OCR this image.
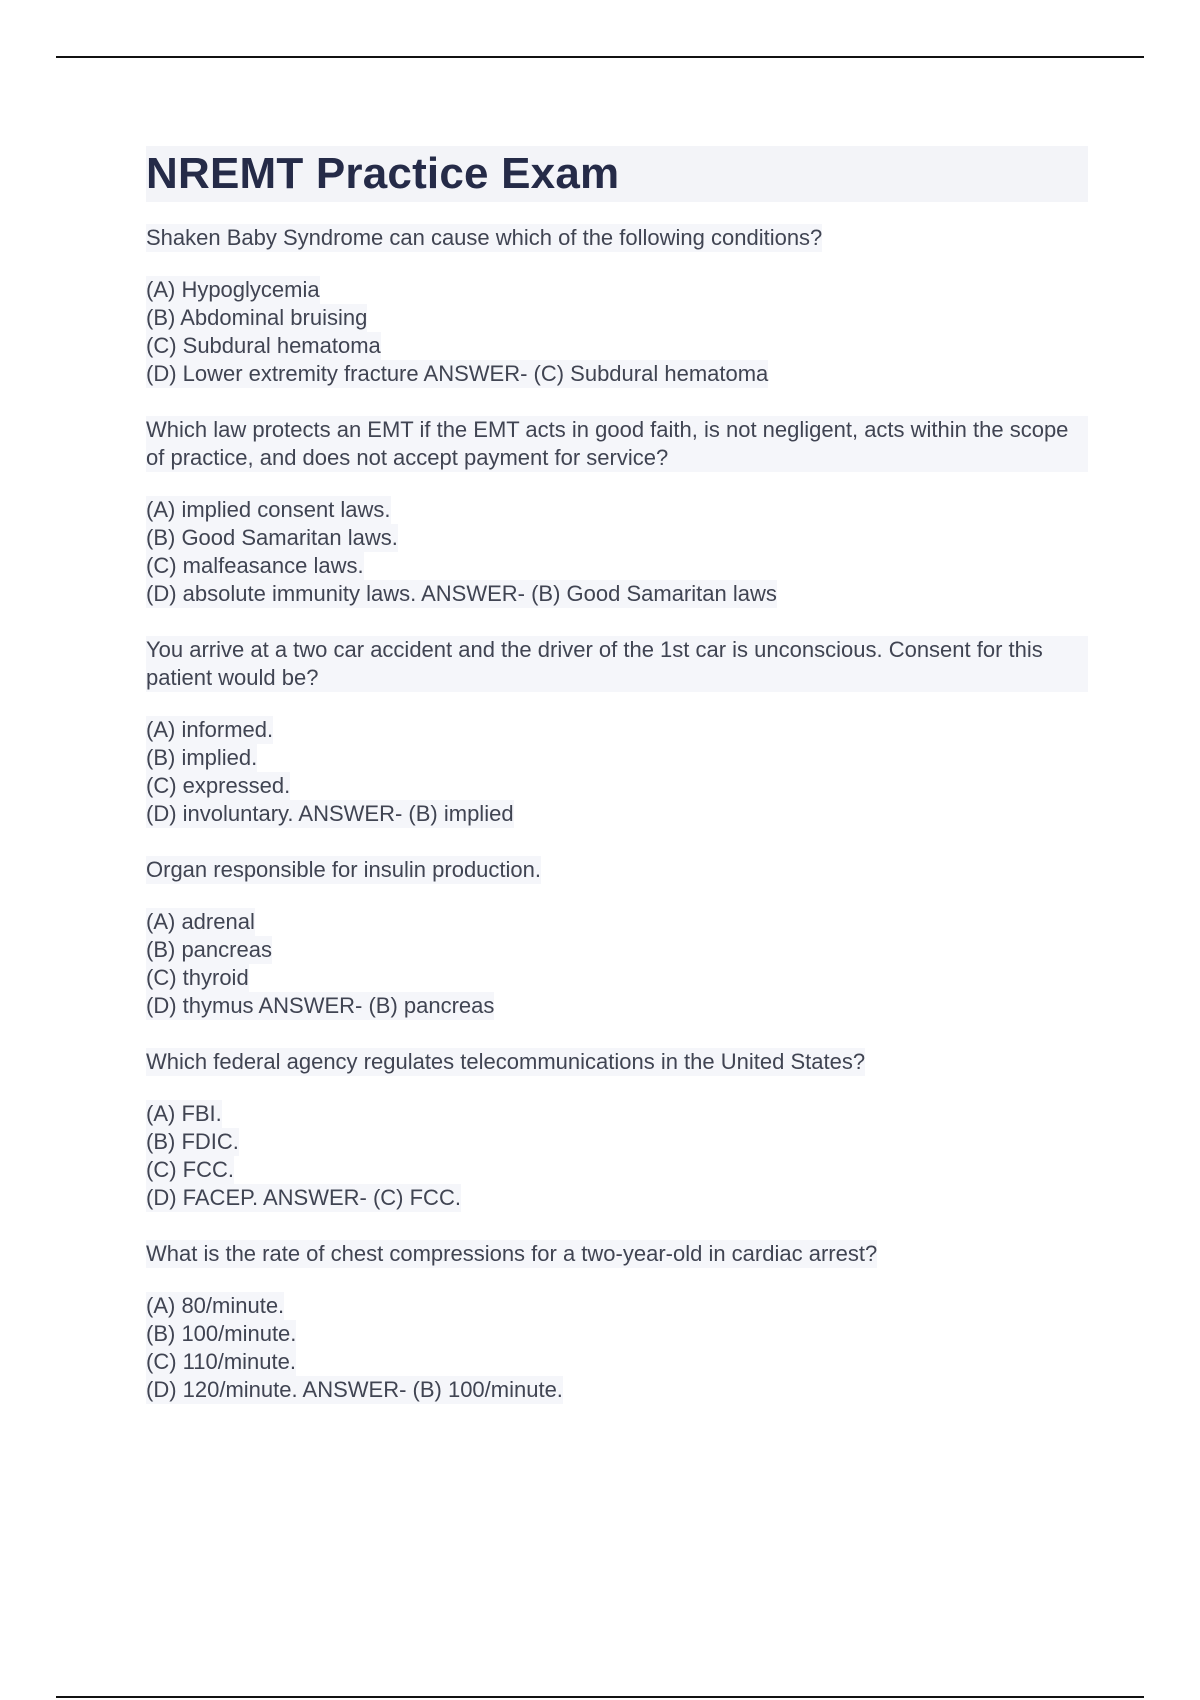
NREMT Practice Exam
Shaken Baby Syndrome can cause which of the following conditions?
(A) Hypoglycemia
(B) Abdominal bruising
(C) Subdural hematoma
(D) Lower extremity fracture ANSWER- (C) Subdural hematoma
Which law protects an EMT if the EMT acts in good faith, is not negligent, acts within the scope of practice, and does not accept payment for service?
(A) implied consent laws.
(B) Good Samaritan laws.
(C) malfeasance laws.
(D) absolute immunity laws. ANSWER- (B) Good Samaritan laws
You arrive at a two car accident and the driver of the 1st car is unconscious. Consent for this patient would be?
(A) informed.
(B) implied.
(C) expressed.
(D) involuntary. ANSWER- (B) implied
Organ responsible for insulin production.
(A) adrenal
(B) pancreas
(C) thyroid
(D) thymus ANSWER- (B) pancreas
Which federal agency regulates telecommunications in the United States?
(A) FBI.
(B) FDIC.
(C) FCC.
(D) FACEP. ANSWER- (C) FCC.
What is the rate of chest compressions for a two-year-old in cardiac arrest?
(A) 80/minute.
(B) 100/minute.
(C) 110/minute.
(D) 120/minute. ANSWER- (B) 100/minute.
